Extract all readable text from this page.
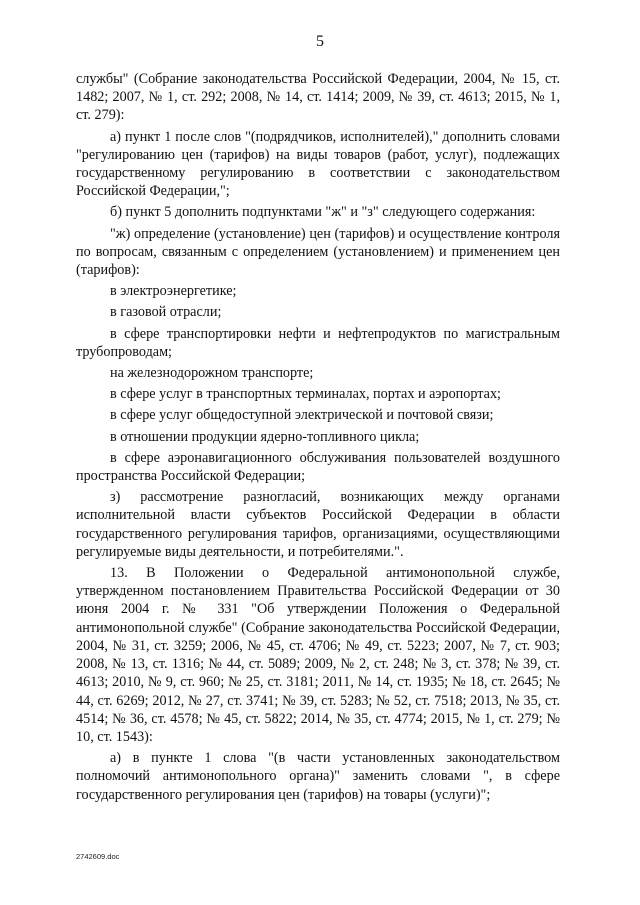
5

службы" (Собрание законодательства Российской Федерации, 2004, № 15, ст. 1482; 2007, № 1, ст. 292; 2008, № 14, ст. 1414; 2009, № 39, ст. 4613; 2015, № 1, ст. 279):

а) пункт 1 после слов "(подрядчиков, исполнителей)," дополнить словами "регулированию цен (тарифов) на виды товаров (работ, услуг), подлежащих государственному регулированию в соответствии с законодательством Российской Федерации,";

б) пункт 5 дополнить подпунктами "ж" и "з" следующего содержания:

"ж) определение (установление) цен (тарифов) и осуществление контроля по вопросам, связанным с определением (установлением) и применением цен (тарифов):

в электроэнергетике;

в газовой отрасли;

в сфере транспортировки нефти и нефтепродуктов по магистральным трубопроводам;

на железнодорожном транспорте;

в сфере услуг в транспортных терминалах, портах и аэропортах;

в сфере услуг общедоступной электрической и почтовой связи;

в отношении продукции ядерно-топливного цикла;

в сфере аэронавигационного обслуживания пользователей воздушного пространства Российской Федерации;

з) рассмотрение разногласий, возникающих между органами исполнительной власти субъектов Российской Федерации в области государственного регулирования тарифов, организациями, осуществляющими регулируемые виды деятельности, и потребителями.".

13. В Положении о Федеральной антимонопольной службе, утвержденном постановлением Правительства Российской Федерации от 30 июня 2004 г. № 331 "Об утверждении Положения о Федеральной антимонопольной службе" (Собрание законодательства Российской Федерации, 2004, № 31, ст. 3259; 2006, № 45, ст. 4706; № 49, ст. 5223; 2007, № 7, ст. 903; 2008, № 13, ст. 1316; № 44, ст. 5089; 2009, № 2, ст. 248; № 3, ст. 378; № 39, ст. 4613; 2010, № 9, ст. 960; № 25, ст. 3181; 2011, № 14, ст. 1935; № 18, ст. 2645; № 44, ст. 6269; 2012, № 27, ст. 3741; № 39, ст. 5283; № 52, ст. 7518; 2013, № 35, ст. 4514; № 36, ст. 4578; № 45, ст. 5822; 2014, № 35, ст. 4774; 2015, № 1, ст. 279; № 10, ст. 1543):

а) в пункте 1 слова "(в части установленных законодательством полномочий антимонопольного органа)" заменить словами ", в сфере государственного регулирования цен (тарифов) на товары (услуги)";

2742609.doc
